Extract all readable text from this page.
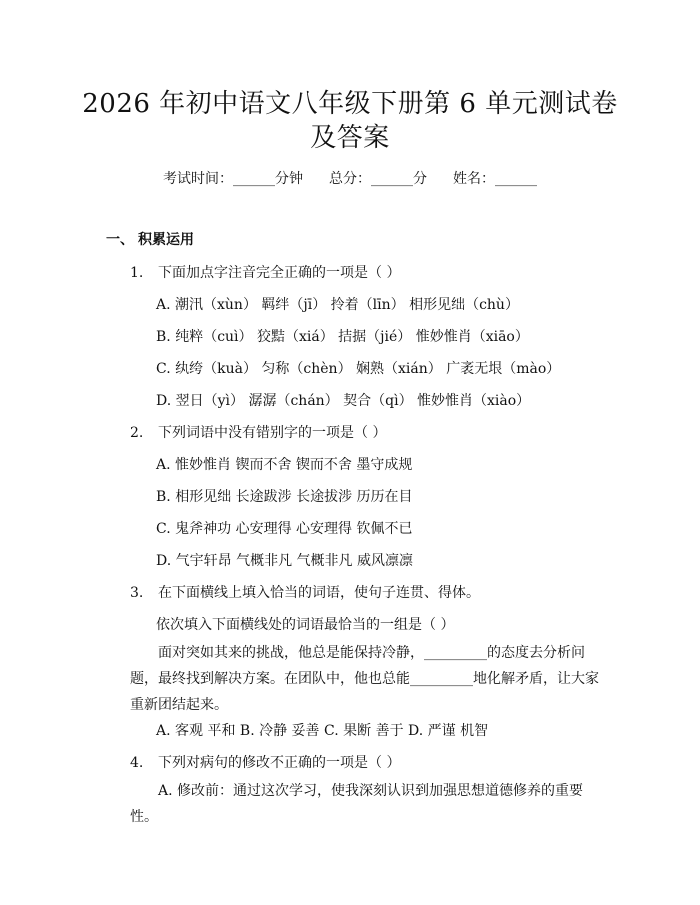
2026 年初中语文八年级下册第 6 单元测试卷
及答案
考试时间：______分钟 总分：______分 姓名：______
一、 积累运用
1. 下面加点字注音完全正确的一项是（ ）
A. 潮汛（xùn） 羁绊（jī） 拎着（līn） 相形见绌（chù）
B. 纯粹（cuì） 狡黠（xiá） 拮据（jié） 惟妙惟肖（xiāo）
C. 纨绔（kuà） 匀称（chèn） 娴熟（xián） 广袤无垠（mào）
D. 翌日（yì） 潺潺（chán） 契合（qì） 惟妙惟肖（xiào）
2. 下列词语中没有错别字的一项是（ ）
A. 惟妙惟肖 锲而不舍 锲而不舍 墨守成规
B. 相形见绌 长途跋涉 长途拔涉 历历在目
C. 鬼斧神功 心安理得 心安理得 钦佩不已
D. 气宇轩昂 气概非凡 气概非凡 威风凛凛
3. 在下面横线上填入恰当的词语，使句子连贯、得体。
依次填入下面横线处的词语最恰当的一组是（ ）
面对突如其来的挑战，他总是能保持冷静，_________的态度去分析问题，最终找到解决方案。在团队中，他也总能_________地化解矛盾，让大家重新团结起来。
A. 客观 平和 B. 冷静 妥善 C. 果断 善于 D. 严谨 机智
4. 下列对病句的修改不正确的一项是（ ）
A. 修改前：通过这次学习，使我深刻认识到加强思想道德修养的重要性。
